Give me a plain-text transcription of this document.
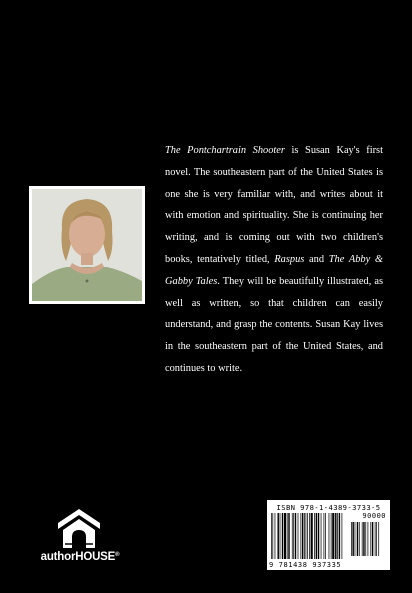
The Pontchartrain Shooter is Susan Kay's first novel. The southeastern part of the United States is one she is very familiar with, and writes about it with emotion and spirituality. She is continuing her writing, and is coming out with two children's books, tentatively titled, Raspus and The Abby & Gabby Tales. They will be beautifully illustrated, as well as written, so that children can easily understand, and grasp the contents. Susan Kay lives in the southeastern part of the United States, and continues to write.

authorHOUSE®
ISBN 978-1-4389-3733-5
90000
9 781438 937335
